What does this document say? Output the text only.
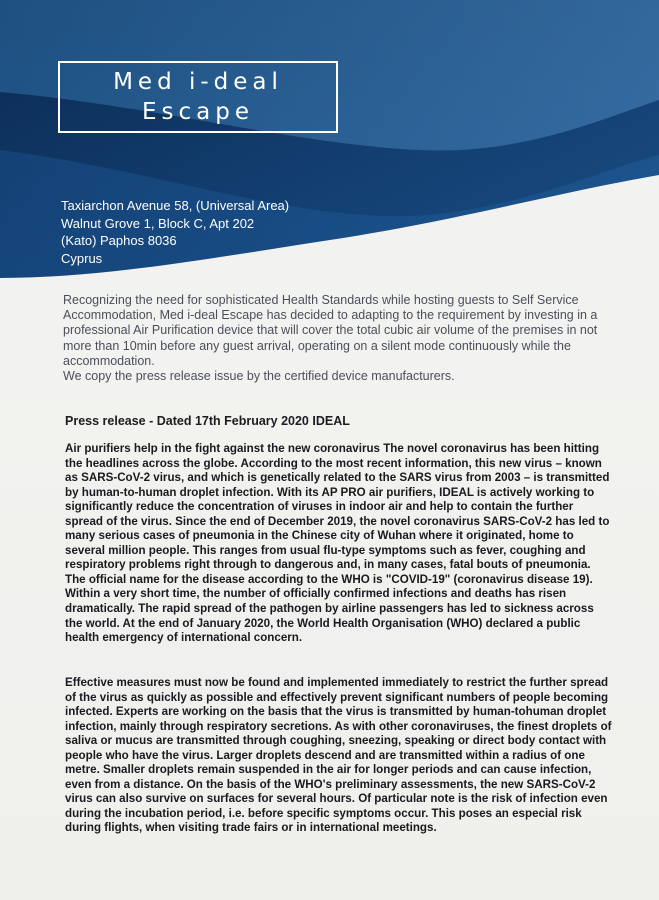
Med i-deal
Escape
Taxiarchon Avenue 58, (Universal Area)
Walnut Grove 1, Block C, Apt 202
(Kato) Paphos 8036
Cyprus

Recognizing the need for sophisticated Health Standards while hosting guests to Self Service Accommodation, Med i-deal Escape has decided to adapting to the requirement by investing in a professional Air Purification device that will cover the total cubic air volume of the premises in not more than 10min before any guest arrival, operating on a silent mode continuously while the accommodation.

We copy the press release issue by the certified device manufacturers.

Press release - Dated 17th February 2020 IDEAL

Air purifiers help in the fight against the new coronavirus The novel coronavirus has been hitting the headlines across the globe. According to the most recent information, this new virus – known as SARS-CoV-2 virus, and which is genetically related to the SARS virus from 2003 – is transmitted by human-to-human droplet infection. With its AP PRO air purifiers, IDEAL is actively working to significantly reduce the concentration of viruses in indoor air and help to contain the further spread of the virus. Since the end of December 2019, the novel coronavirus SARS-CoV-2 has led to many serious cases of pneumonia in the Chinese city of Wuhan where it originated, home to several million people. This ranges from usual flu-type symptoms such as fever, coughing and respiratory problems right through to dangerous and, in many cases, fatal bouts of pneumonia. The official name for the disease according to the WHO is "COVID-19" (coronavirus disease 19). Within a very short time, the number of officially confirmed infections and deaths has risen dramatically. The rapid spread of the pathogen by airline passengers has led to sickness across the world. At the end of January 2020, the World Health Organisation (WHO) declared a public health emergency of international concern.

Effective measures must now be found and implemented immediately to restrict the further spread of the virus as quickly as possible and effectively prevent significant numbers of people becoming infected. Experts are working on the basis that the virus is transmitted by human-tohuman droplet infection, mainly through respiratory secretions. As with other coronaviruses, the finest droplets of saliva or mucus are transmitted through coughing, sneezing, speaking or direct body contact with people who have the virus. Larger droplets descend and are transmitted within a radius of one metre. Smaller droplets remain suspended in the air for longer periods and can cause infection, even from a distance. On the basis of the WHO's preliminary assessments, the new SARS-CoV-2 virus can also survive on surfaces for several hours. Of particular note is the risk of infection even during the incubation period, i.e. before specific symptoms occur. This poses an especial risk during flights, when visiting trade fairs or in international meetings.
